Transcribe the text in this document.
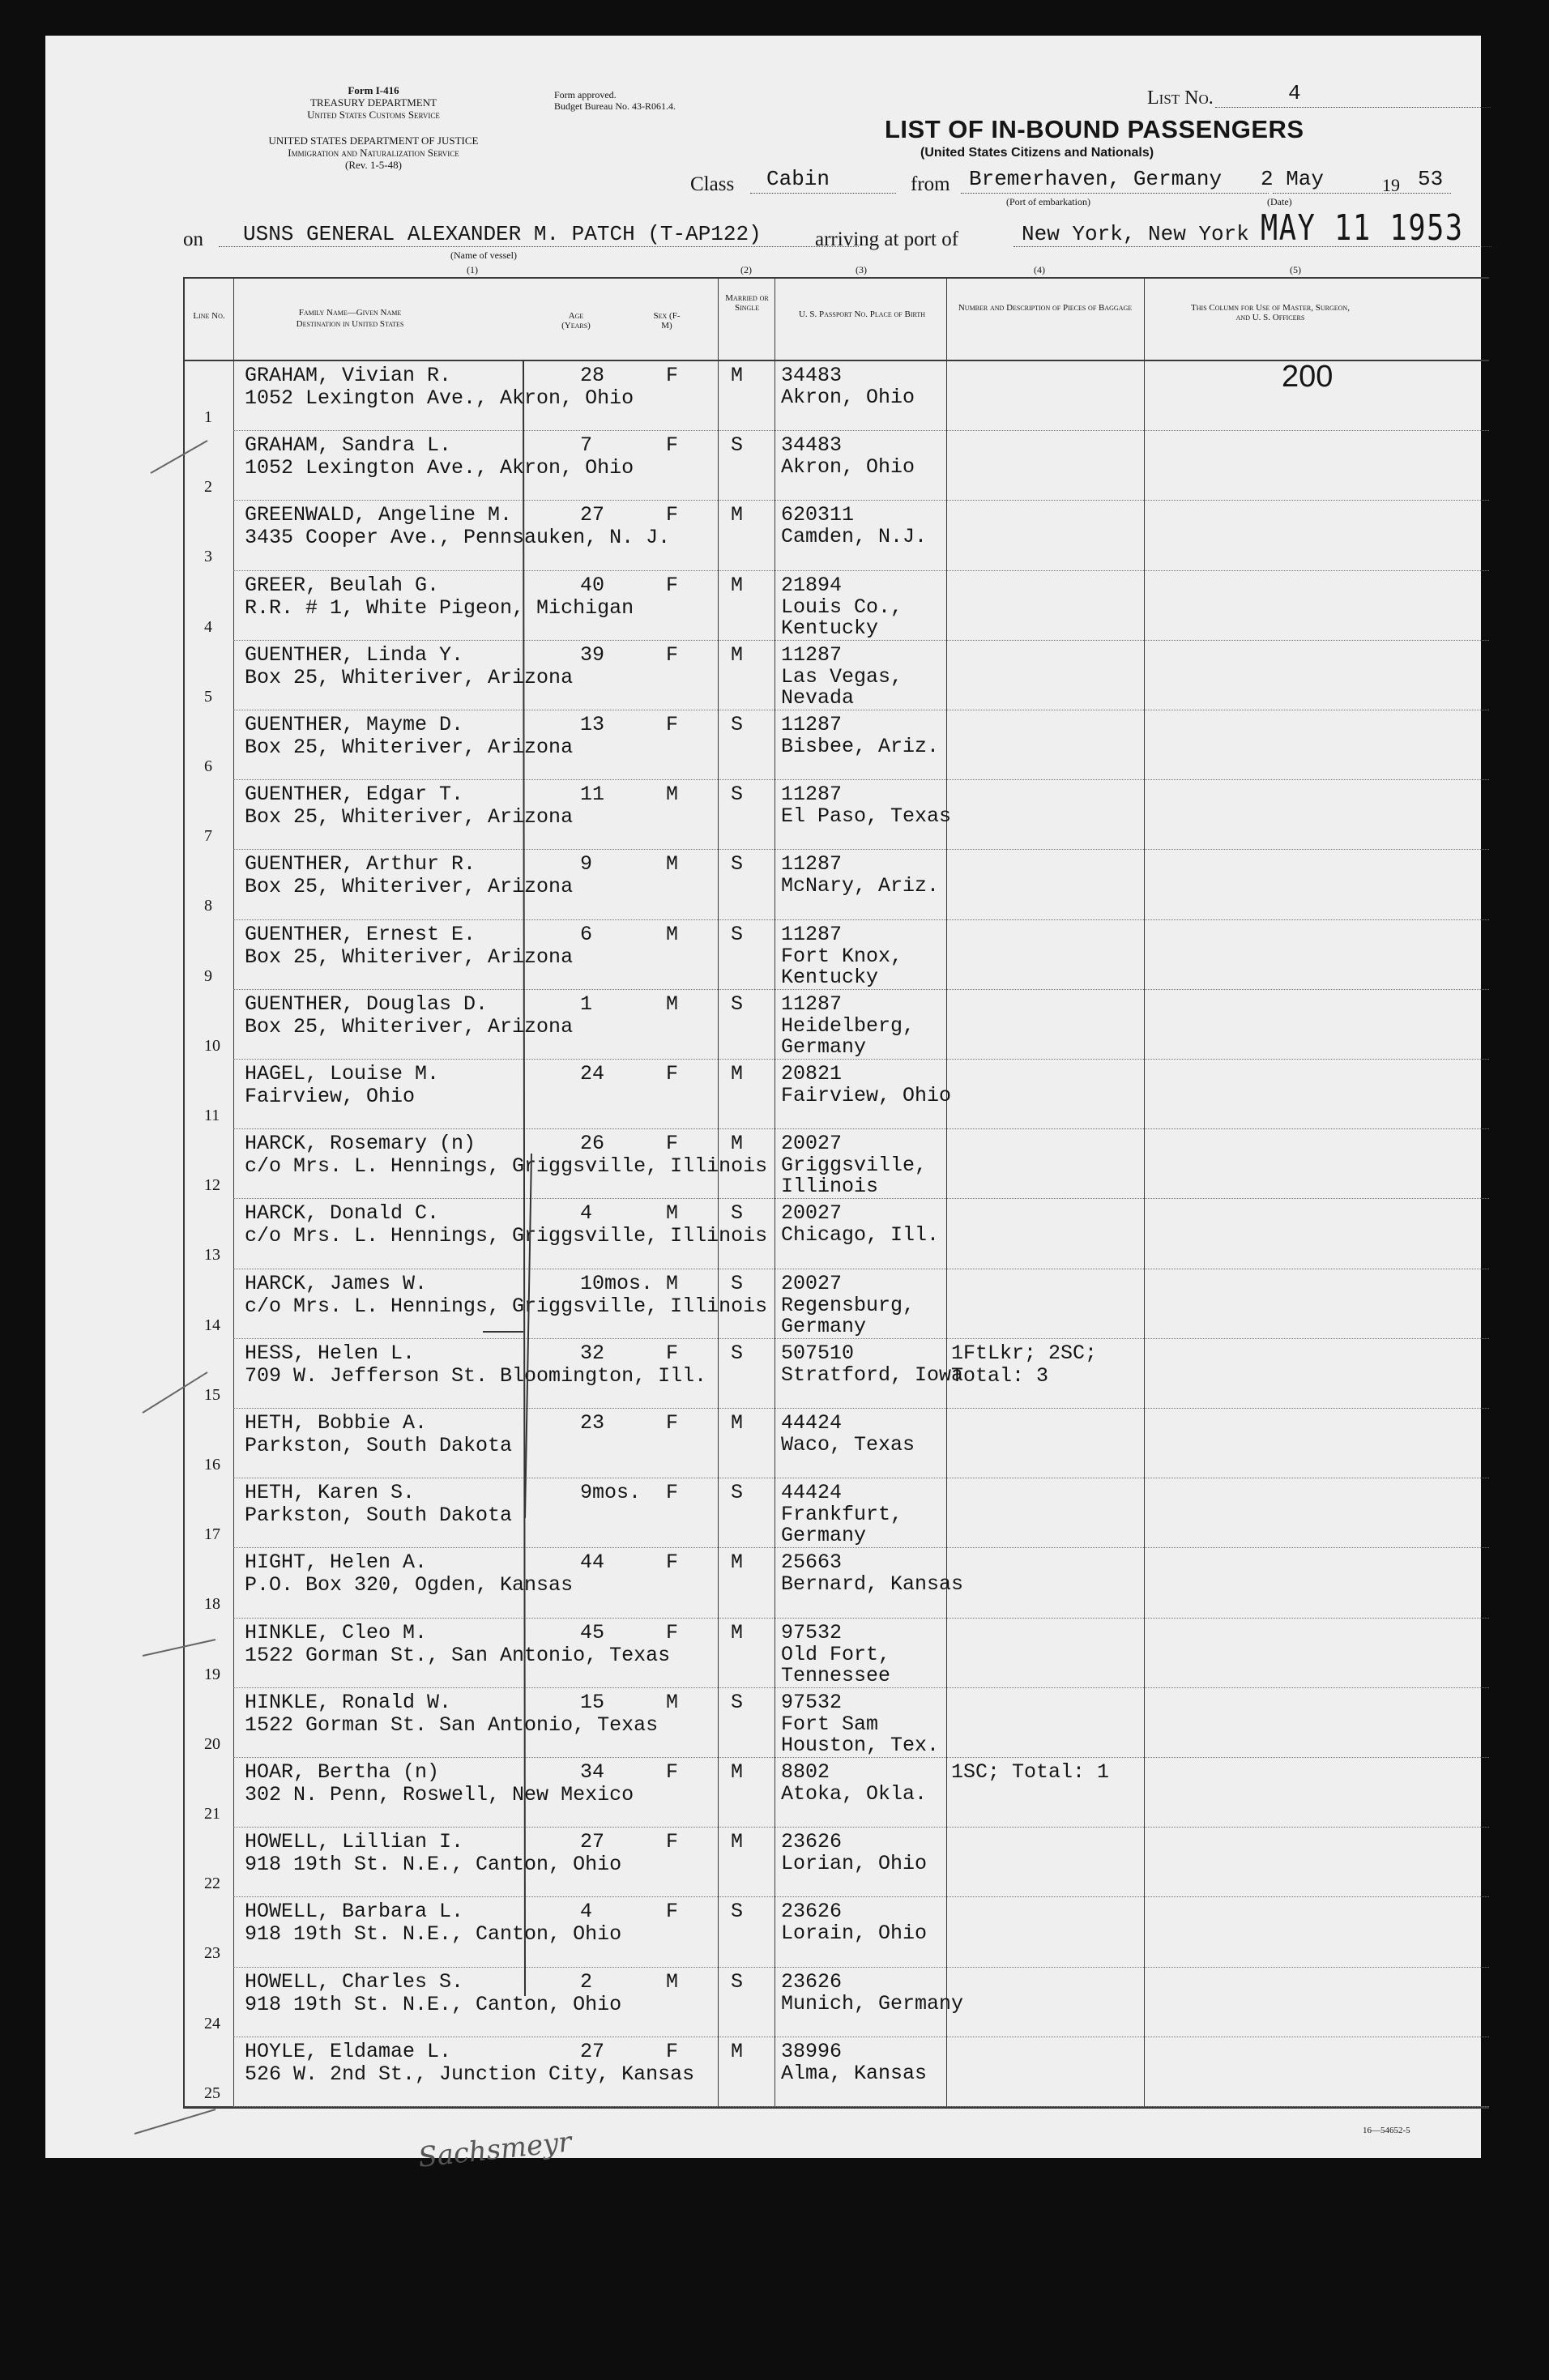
Form I-416
TREASURY DEPARTMENT
United States Customs Service
UNITED STATES DEPARTMENT OF JUSTICE
Immigration and Naturalization Service
(Rev. 1-5-48)
Form approved.
Budget Bureau No. 43-R061.4.	List No.	4
LIST OF IN-BOUND PASSENGERS
(United States Citizens and Nationals)
Class Cabin	from Bremerhaven, Germany
(Port of embarkation)
2 May
(Date)
19 53
on USNS GENERAL ALEXANDER M. PATCH (T-AP122)
(Name of vessel)
arriving at port of	New York, New York MAY 11 1953
(1)	(2)	(3)	(4)	(5)
Line No.	Family Name—Given Name
Destination in United States
Age (Years)
Sex (F-M)
Married or Single
U. S. Passport No. Place of Birth
Number and Description of Pieces of Baggage	This Column for Use of Master, Surgeon, and U. S. Officers
200
1
GRAHAM, Vivian R.
1052 Lexington Ave., Akron, Ohio
28	F	M 34483
Akron, Ohio
2
GRAHAM, Sandra L.
1052 Lexington Ave., Akron, Ohio
7	F	S 34483
Akron, Ohio
3
GREENWALD, Angeline M.
3435 Cooper Ave., Pennsauken, N. J.
27	F	M 620311
Camden, N.J.
4
GREER, Beulah G.
R.R. # 1, White Pigeon, Michigan
40	F	M 21894
Louis Co., Kentucky
5
GUENTHER, Linda Y.
Box 25, Whiteriver, Arizona
39	F	M 11287
Las Vegas, Nevada
6
GUENTHER, Mayme D.
Box 25, Whiteriver, Arizona
13	F	S 11287
Bisbee, Ariz.
7
GUENTHER, Edgar T.
Box 25, Whiteriver, Arizona
11	M	S 11287
El Paso, Texas
8
GUENTHER, Arthur R.
Box 25, Whiteriver, Arizona
9	M	S 11287
McNary, Ariz.
9
GUENTHER, Ernest E.
Box 25, Whiteriver, Arizona
6	M	S 11287
Fort Knox, Kentucky
10
GUENTHER, Douglas D.
Box 25, Whiteriver, Arizona
1	M	S 11287
Heidelberg, Germany
11
HAGEL, Louise M.
Fairview, Ohio
24	F	M 20821
Fairview, Ohio
12
HARCK, Rosemary (n)
c/o Mrs. L. Hennings, Griggsville, Illinois
26	F	M 20027
Griggsville, Illinois
13
HARCK, Donald C.
c/o Mrs. L. Hennings, Griggsville, Illinois
4	M	S 20027
Chicago, Ill.
14
HARCK, James W.
c/o Mrs. L. Hennings, Griggsville, Illinois
10mos. M	S 20027
Regensburg, Germany
15
HESS, Helen L.
709 W. Jefferson St. Bloomington, Ill.
32	F	S 507510
Stratford, Iowa
1FtLkr; 2SC; Total: 3
16
HETH, Bobbie A.
Parkston, South Dakota
23	F	M 44424
Waco, Texas
17
HETH, Karen S.
Parkston, South Dakota
9mos. F	S 44424
Frankfurt, Germany
18
HIGHT, Helen A.
P.O. Box 320, Ogden, Kansas
44	F	M 25663
Bernard, Kansas
19
HINKLE, Cleo M.
1522 Gorman St., San Antonio, Texas
45	F	M 97532
Old Fort, Tennessee
20
HINKLE, Ronald W.
1522 Gorman St. San Antonio, Texas
15	M	S 97532
Fort Sam Houston, Tex.
21
HOAR, Bertha (n)
302 N. Penn, Roswell, New Mexico
34	F	M 8802
Atoka, Okla.
1SC; Total: 1
22
HOWELL, Lillian I.
918 19th St. N.E., Canton, Ohio
27	F	M 23626
Lorian, Ohio
23
HOWELL, Barbara L.
918 19th St. N.E., Canton, Ohio
4	F	S 23626
Lorain, Ohio
24
HOWELL, Charles S.
918 19th St. N.E., Canton, Ohio
2	M	S 23626
Munich, Germany
25
HOYLE, Eldamae L.
526 W. 2nd St., Junction City, Kansas
27	F	M 38996
Alma, Kansas
Sachsmeyr	16—54652-5
